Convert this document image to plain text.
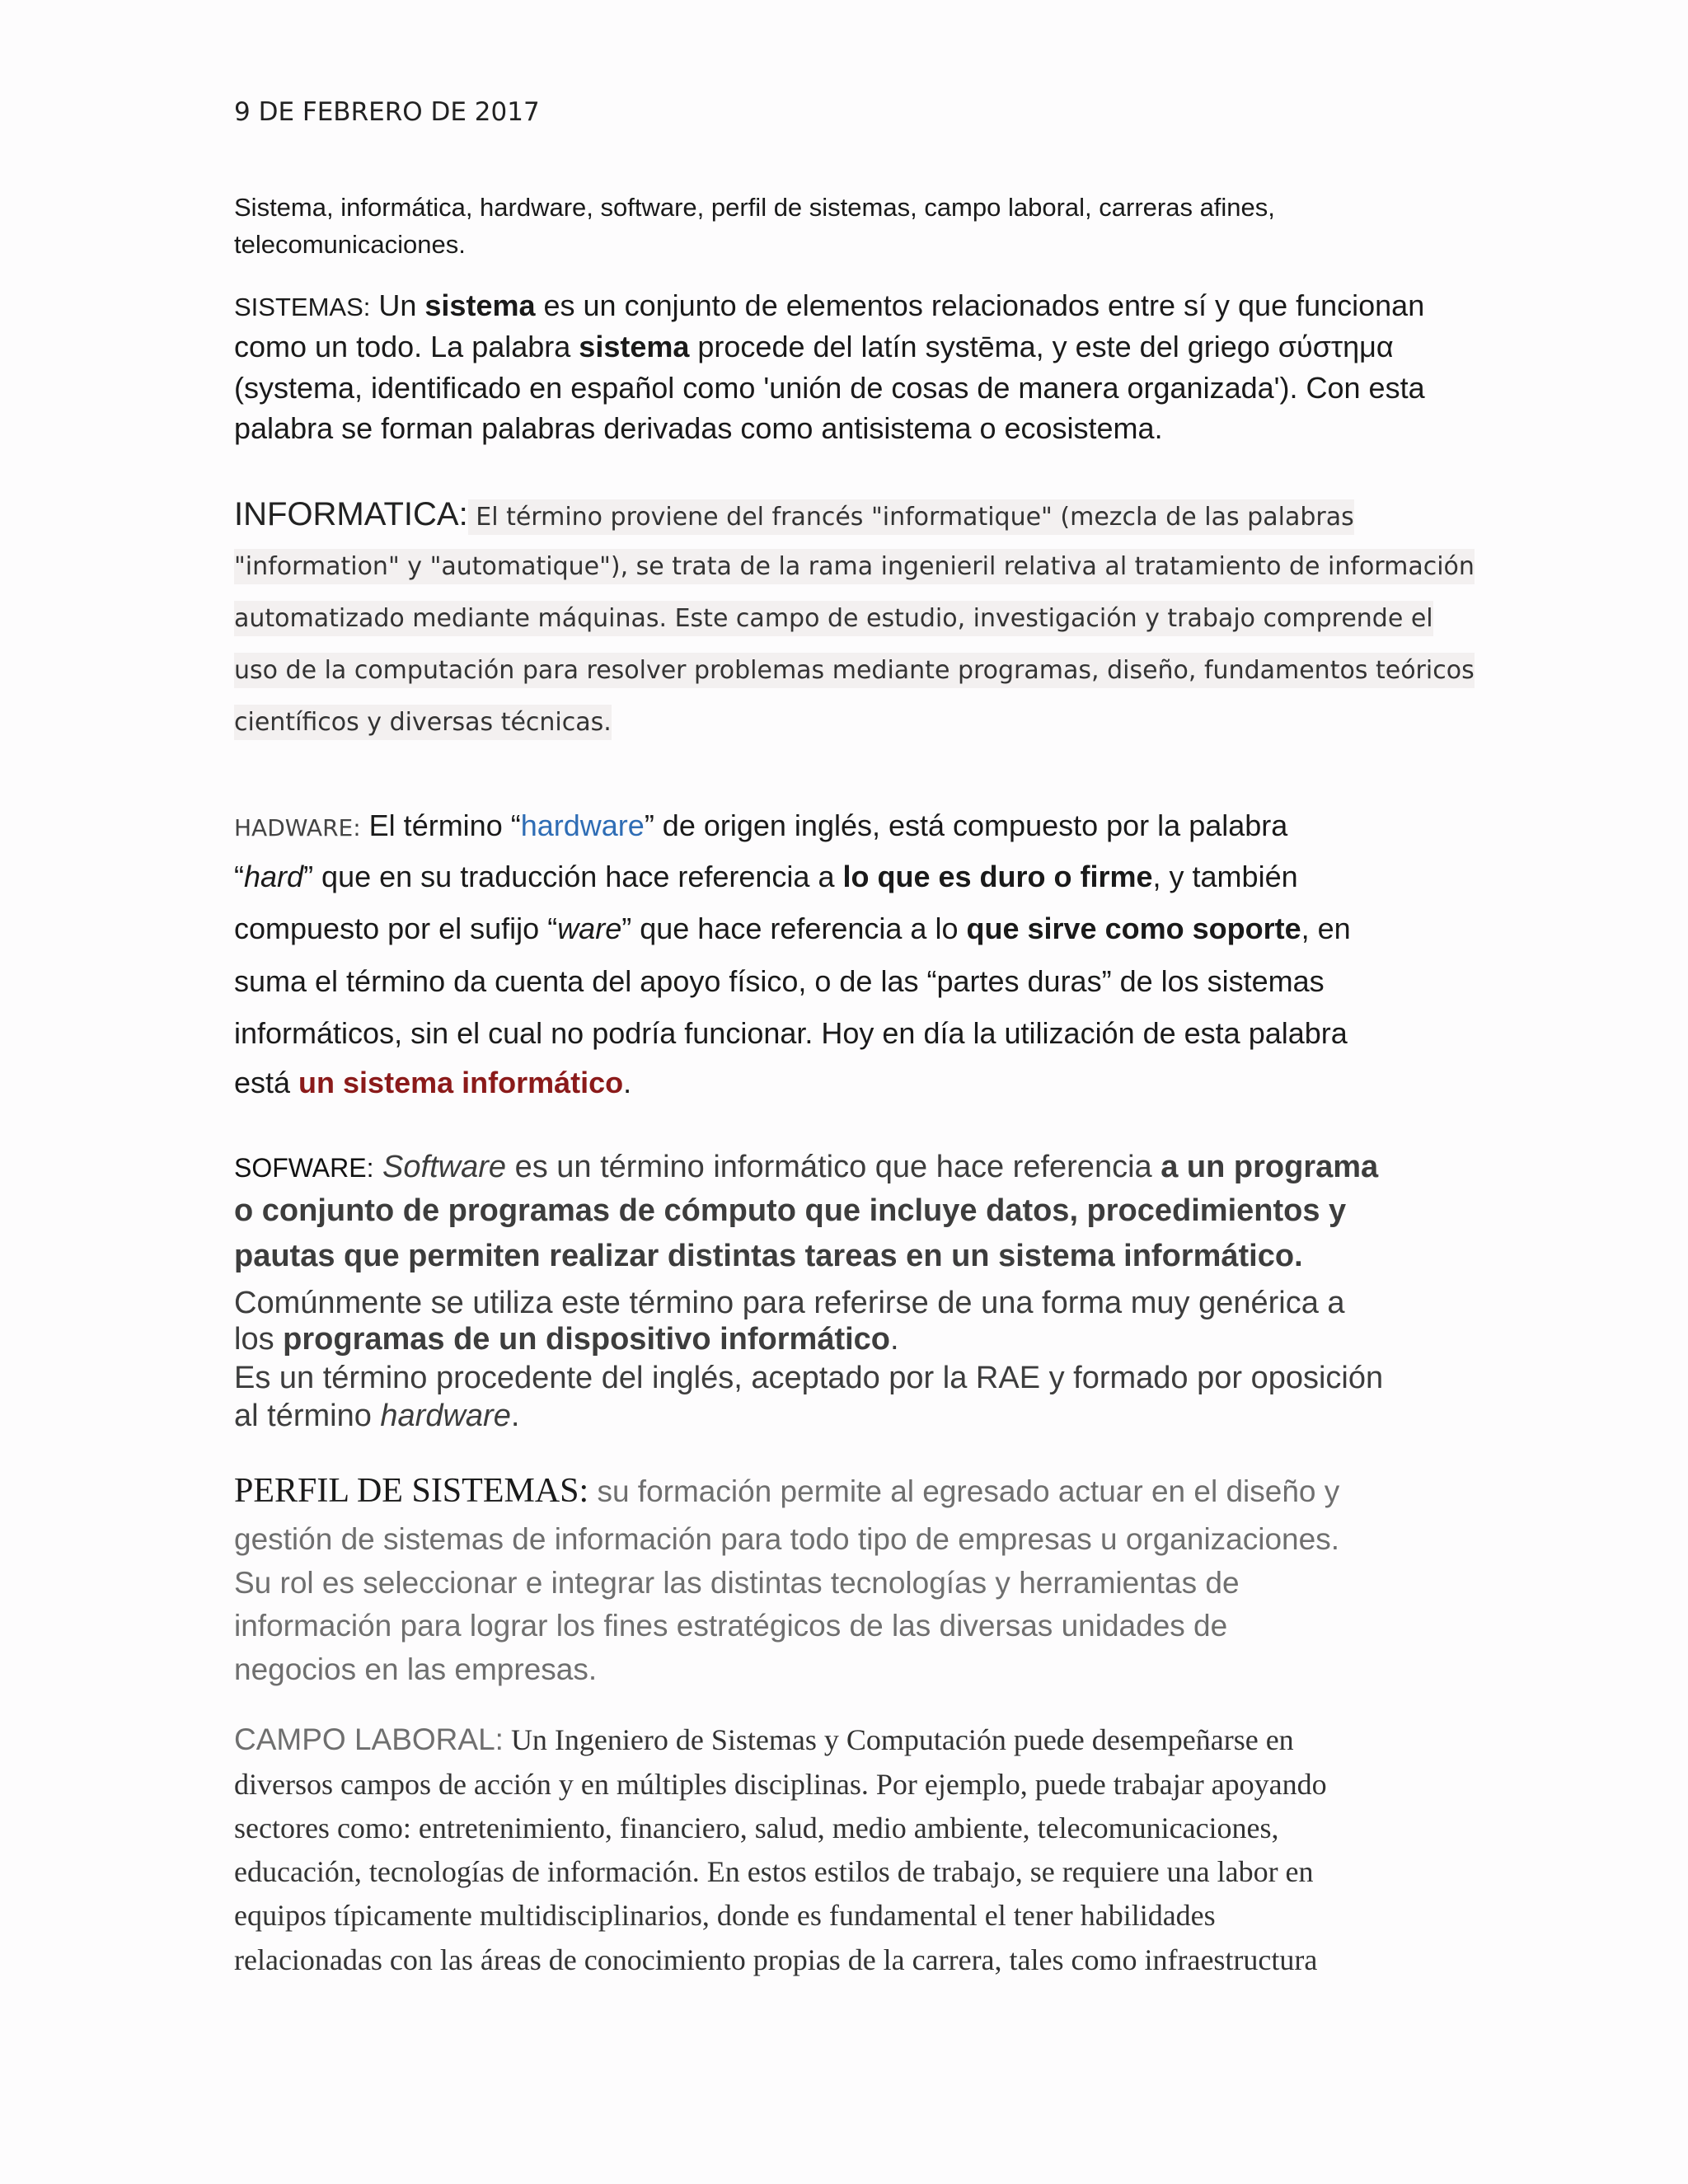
9 DE FEBRERO DE 2017
Sistema, informática, hardware, software, perfil de sistemas, campo laboral, carreras afines,
telecomunicaciones.
SISTEMAS: Un sistema es un conjunto de elementos relacionados entre sí y que funcionan
como un todo. La palabra sistema procede del latín systēma, y este del griego σύστημα
(systema, identificado en español como 'unión de cosas de manera organizada'). Con esta
palabra se forman palabras derivadas como antisistema o ecosistema.
INFORMATICA: El término proviene del francés "informatique" (mezcla de las palabras
"information" y "automatique"), se trata de la rama ingenieril relativa al tratamiento de información
automatizado mediante máquinas. Este campo de estudio, investigación y trabajo comprende el
uso de la computación para resolver problemas mediante programas, diseño, fundamentos teóricos
científicos y diversas técnicas.
HADWARE: El término “hardware” de origen inglés, está compuesto por la palabra
“hard” que en su traducción hace referencia a lo que es duro o firme, y también
compuesto por el sufijo “ware” que hace referencia a lo que sirve como soporte, en
suma el término da cuenta del apoyo físico, o de las “partes duras” de los sistemas
informáticos, sin el cual no podría funcionar. Hoy en día la utilización de esta palabra
está un sistema informático.
SOFWARE: Software es un término informático que hace referencia a un programa
o conjunto de programas de cómputo que incluye datos, procedimientos y
pautas que permiten realizar distintas tareas en un sistema informático.
Comúnmente se utiliza este término para referirse de una forma muy genérica a
los programas de un dispositivo informático.
Es un término procedente del inglés, aceptado por la RAE y formado por oposición
al término hardware.
PERFIL DE SISTEMAS: su formación permite al egresado actuar en el diseño y
gestión de sistemas de información para todo tipo de empresas u organizaciones.
Su rol es seleccionar e integrar las distintas tecnologías y herramientas de
información para lograr los fines estratégicos de las diversas unidades de
negocios en las empresas.
CAMPO LABORAL: Un Ingeniero de Sistemas y Computación puede desempeñarse en
diversos campos de acción y en múltiples disciplinas. Por ejemplo, puede trabajar apoyando
sectores como: entretenimiento, financiero, salud, medio ambiente, telecomunicaciones,
educación, tecnologías de información. En estos estilos de trabajo, se requiere una labor en
equipos típicamente multidisciplinarios, donde es fundamental el tener habilidades
relacionadas con las áreas de conocimiento propias de la carrera, tales como infraestructura
